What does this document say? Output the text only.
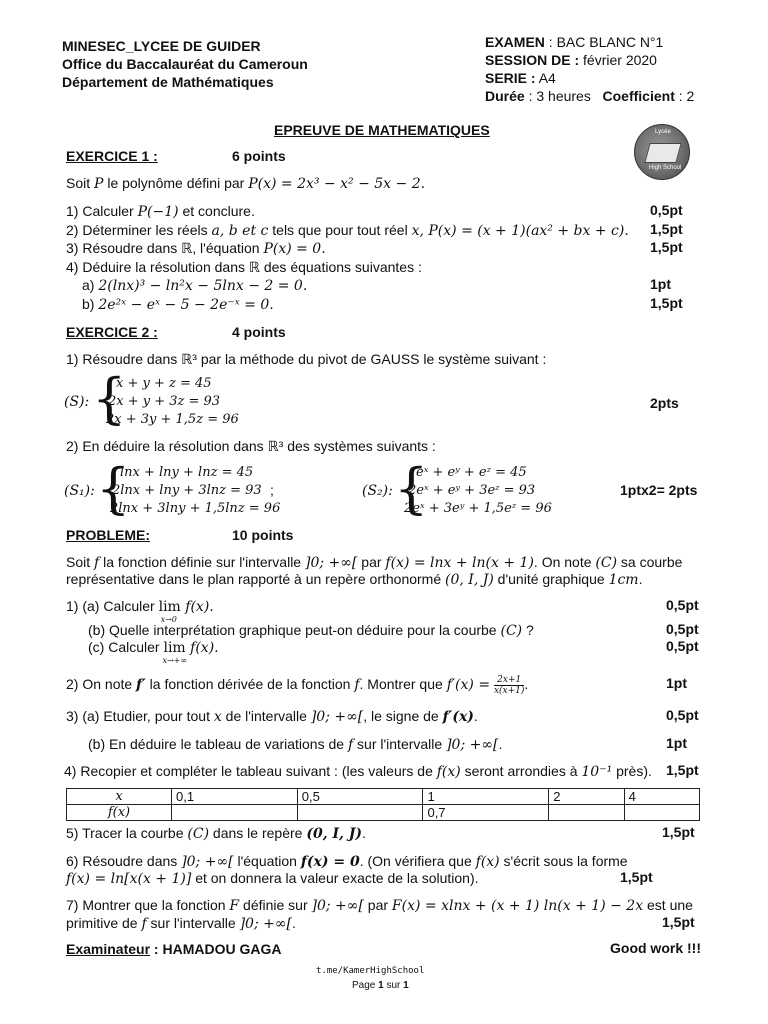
MINESEC_LYCEE DE GUIDER
Office du Baccalauréat du Cameroun
Département de Mathématiques
EXAMEN : BAC BLANC N°1
SESSION DE : février 2020
SERIE : A4
Durée : 3 heures Coefficient : 2
Lycée
High School
EPREUVE DE MATHEMATIQUES
EXERCICE 1 :	6 points
Soit P le polynôme défini par P(x) = 2x³ − x² − 5x − 2.
1) Calculer P(−1) et conclure.	0,5pt
2) Déterminer les réels a, b et c tels que pour tout réel x, P(x) = (x + 1)(ax² + bx + c).	1,5pt
3) Résoudre dans ℝ, l'équation P(x) = 0.	1,5pt
4) Déduire la résolution dans ℝ des équations suivantes :
a) 2(lnx)³ − ln²x − 5lnx − 2 = 0.	1pt
b) 2e²ˣ − eˣ − 5 − 2e⁻ˣ = 0.	1,5pt
EXERCICE 2 :	4 points
1) Résoudre dans ℝ³ par la méthode du pivot de GAUSS le système suivant :
(S): {
x + y + z = 45
2x + y + 3z = 93
2x + 3y + 1,5z = 96
2pts
2) En déduire la résolution dans ℝ³ des systèmes suivants :
(S₁): {
lnx + lny + lnz = 45
2lnx + lny + 3lnz = 93
2lnx + 3lny + 1,5lnz = 96
;	(S₂): {
eˣ + eʸ + eᶻ = 45
2eˣ + eʸ + 3eᶻ = 93
2eˣ + 3eʸ + 1,5eᶻ = 96
1ptx2= 2pts
PROBLEME:	10 points
Soit f la fonction définie sur l'intervalle ]0; +∞[ par f(x) = lnx + ln(x + 1). On note (C) sa courbe
représentative dans le plan rapporté à un repère orthonormé (0, I, J) d'unité graphique 1cm.
1) (a) Calculer lim
x→0
f(x).	0,5pt
(b) Quelle interprétation graphique peut-on déduire pour la courbe (C) ?	0,5pt
(c) Calculer lim
x→+∞
f(x).	0,5pt
2) On note f′ la fonction dérivée de la fonction f. Montrer que $f'(x) = \frac{2x+1}{x(x+1)}$ .	1pt
3) (a) Etudier, pour tout x de l'intervalle ]0; +∞[, le signe de f′(x).	0,5pt
(b) En déduire le tableau de variations de f sur l'intervalle ]0; +∞[.	1pt
4) Recopier et compléter le tableau suivant : (les valeurs de f(x) seront arrondies à 10⁻¹ près).	1,5pt
x	0,1	0,5	1	2	4
f(x)			0,7		
5) Tracer la courbe (C) dans le repère (0, I, J).	1,5pt
6) Résoudre dans ]0; +∞[ l'équation f(x) = 0. (On vérifiera que f(x) s'écrit sous la forme
f(x) = ln[x(x + 1)] et on donnera la valeur exacte de la solution).	1,5pt
7) Montrer que la fonction F définie sur ]0; +∞[ par F(x) = xlnx + (x + 1) ln(x + 1) − 2x est une
primitive de f sur l'intervalle ]0; +∞[.	1,5pt
Examinateur : HAMADOU GAGA	Good work !!!
t.me/KamerHighSchool
Page 1 sur 1
